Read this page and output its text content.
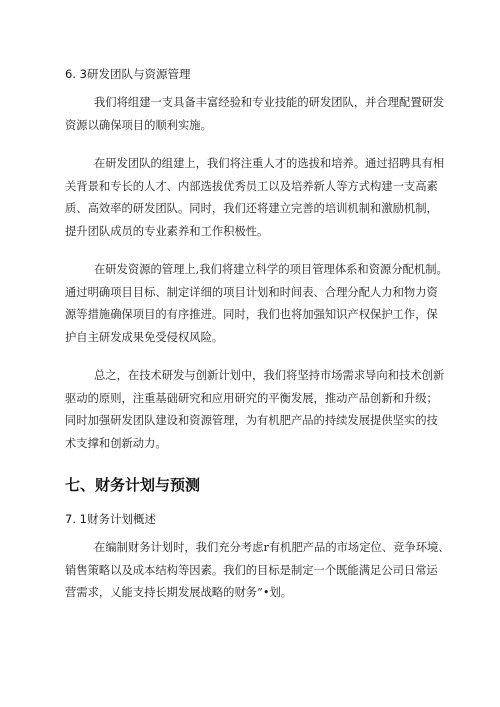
6. 3研发团队与资源管理
我们将组建一支具备丰富经验和专业技能的研发团队，并合理配置研发
资源以确保项目的顺利实施。
在研发团队的组建上，我们将注重人才的选拔和培养。通过招聘具有相
关背景和专长的人才、内部选拔优秀员工以及培养新人等方式构建一支高素
质、高效率的研发团队。同时，我们还将建立完善的培训机制和激励机制，
提升团队成员的专业素养和工作积极性。
在研发资源的管理上,我们将建立科学的项目管理体系和资源分配机制。
通过明确项目目标、制定详细的项目计划和时间表、合理分配人力和物力资
源等措施确保项目的有序推进。同时，我们也将加强知识产权保护工作，保
护自主研发成果免受侵权风险。
总之，在技术研发与创新计划中，我们将坚持市场需求导向和技术创新
驱动的原则，注重基础研究和应用研究的平衡发展，推动产品创新和升级；
同时加强研发团队建设和资源管理，为有机肥产品的持续发展提供坚实的技
术支撑和创新动力。
七、财务计划与预测
7. 1财务计划概述
在编制财务计划时，我们充分考虑r有机肥产品的市场定位、竞争环境、
销售策略以及成本结构等因素。我们的目标是制定一个既能满足公司日常运
营需求，乂能支持长期发展战略的财务”•划。
